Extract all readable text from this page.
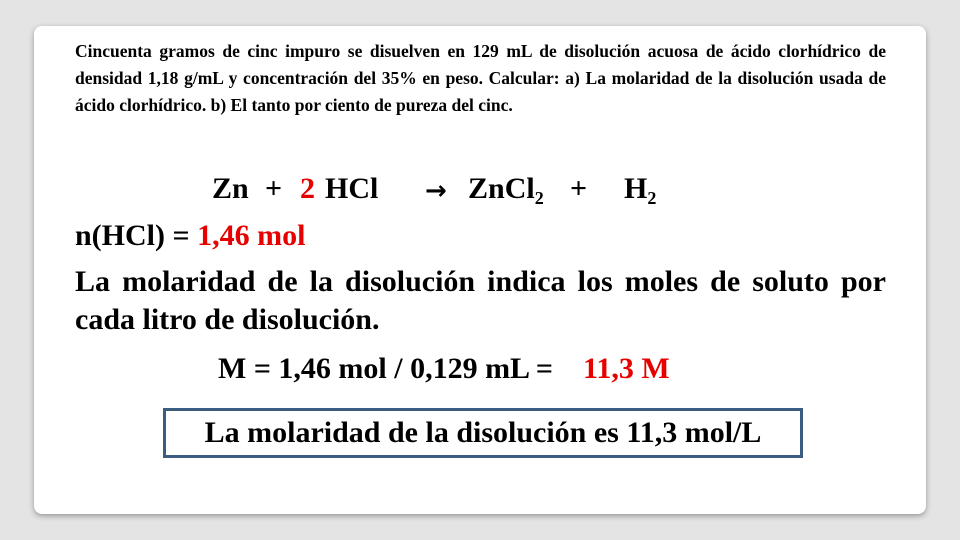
Cincuenta gramos de cinc impuro se disuelven en 129 mL de disolución acuosa de ácido clorhídrico de densidad 1,18 g/mL y concentración del 35% en peso. Calcular: a) La molaridad de la disolución usada de ácido clorhídrico. b) El tanto por ciento de pureza del cinc.
Zn + 2 HCl → ZnCl$_2$ + $H_2$
n(HCl) = 1,46 mol
La molaridad de la disolución indica los moles de soluto por cada litro de disolución.
M = 1,46 mol / 0,129 mL = 11,3 M
La molaridad de la disolución es 11,3 mol/L
